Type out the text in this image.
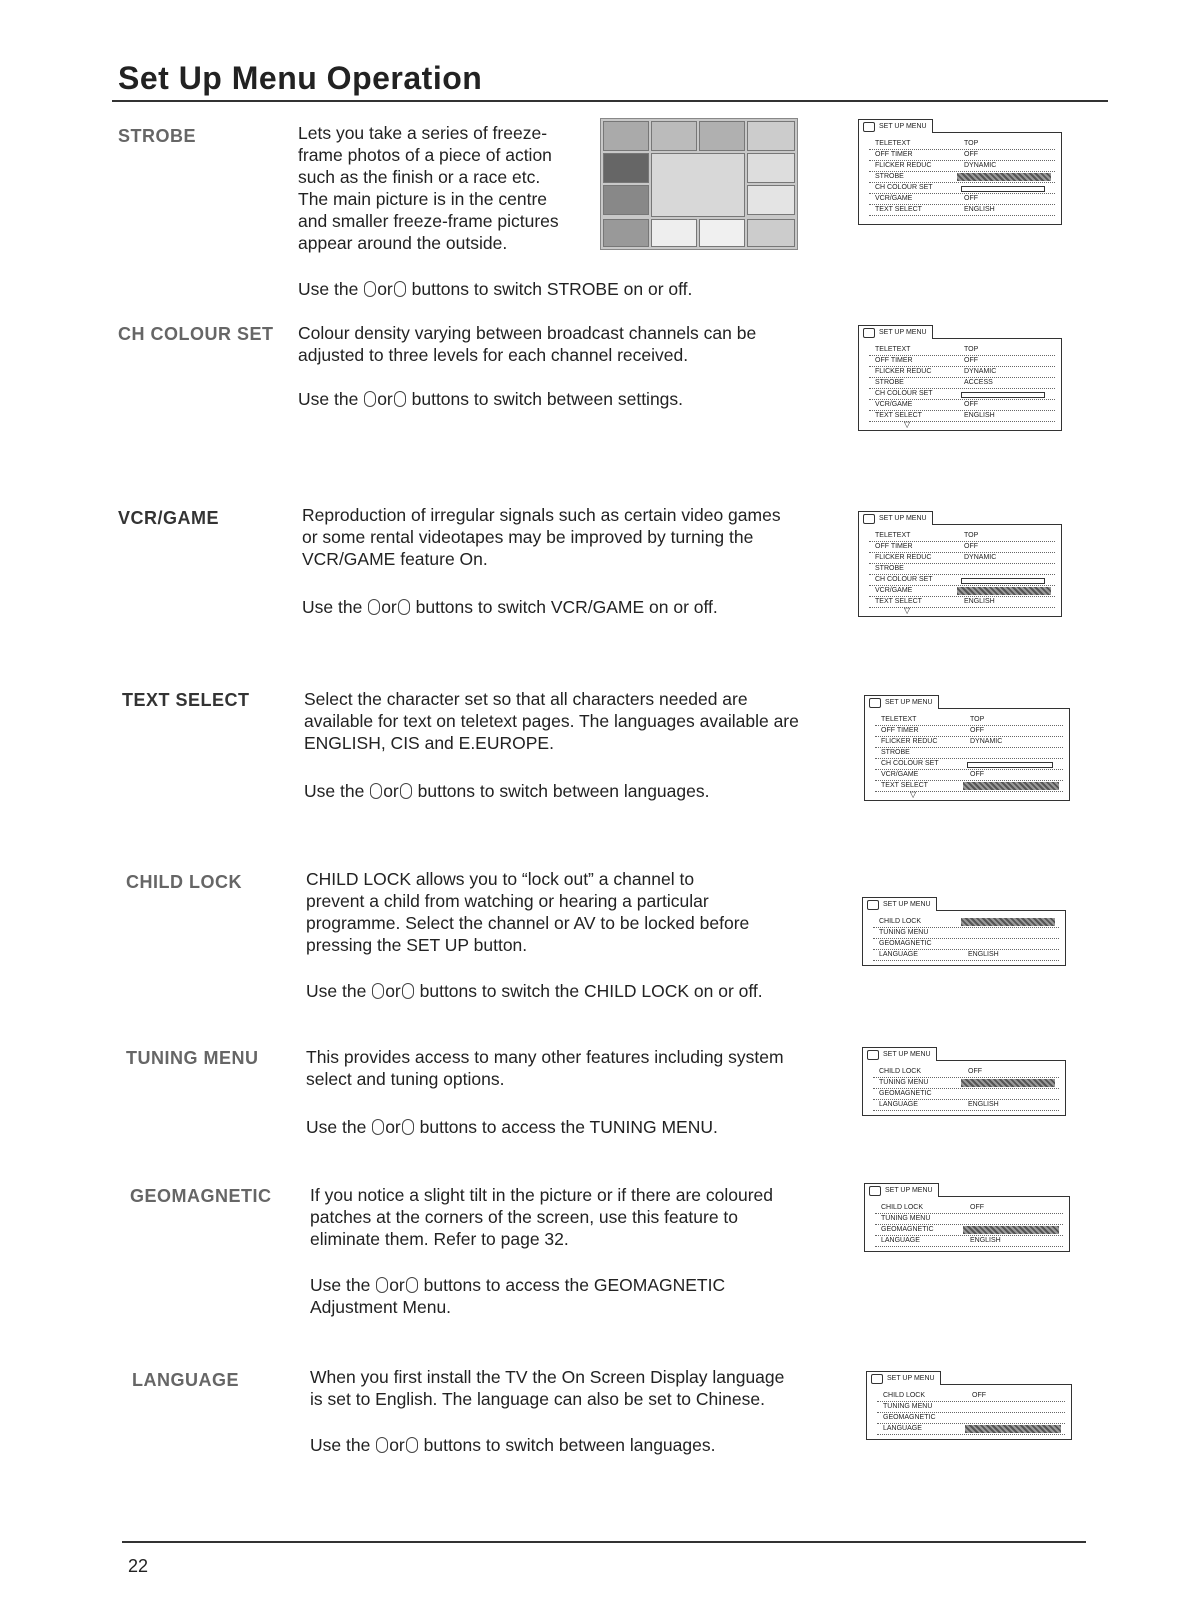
Set Up Menu Operation
STROBE	Lets you take a series of freeze-

frame photos of a piece of action

such as the finish or a race etc.

The main picture is in the centre

and smaller freeze-frame pictures

appear around the outside.

Use the or buttons to switch STROBE on or off.
SET UP MENU
TELETEXT	TOP
OFF TIMER	OFF
FLICKER REDUC	DYNAMIC
STROBE
CH COLOUR SET
VCR/GAME	OFF
TEXT SELECT	ENGLISH
CH COLOUR SET Colour density varying between broadcast channels can be

adjusted to three levels for each channel received.

Use the or buttons to switch between settings.
SET UP MENU
TELETEXT	TOP
OFF TIMER	OFF
FLICKER REDUC	DYNAMIC
STROBE	ACCESS
CH COLOUR SET
VCR/GAME	OFF
TEXT SELECT	ENGLISH
▽
VCR/GAME	Reproduction of irregular signals such as certain video games

or some rental videotapes may be improved by turning the

VCR/GAME feature On.

Use the or buttons to switch VCR/GAME on or off.
SET UP MENU
TELETEXT	TOP
OFF TIMER	OFF
FLICKER REDUC	DYNAMIC
STROBE
CH COLOUR SET
VCR/GAME
TEXT SELECT	ENGLISH
▽
TEXT SELECT	Select the character set so that all characters needed are

available for text on teletext pages. The languages available are

ENGLISH, CIS and E.EUROPE.

Use the or buttons to switch between languages.
SET UP MENU
TELETEXT	TOP
OFF TIMER	OFF
FLICKER REDUC	DYNAMIC
STROBE
CH COLOUR SET
VCR/GAME	OFF
TEXT SELECT
▽
CHILD LOCK	CHILD LOCK allows you to “lock out” a channel to

prevent a child from watching or hearing a particular

programme. Select the channel or AV to be locked before

pressing the SET UP button.

Use the or buttons to switch the CHILD LOCK on or off.
SET UP MENU
CHILD LOCK
TUNING MENU
GEOMAGNETIC
LANGUAGE	ENGLISH
TUNING MENU	This provides access to many other features including system

select and tuning options.

Use the or buttons to access the TUNING MENU.
SET UP MENU
CHILD LOCK	OFF
TUNING MENU
GEOMAGNETIC
LANGUAGE	ENGLISH
GEOMAGNETIC If you notice a slight tilt in the picture or if there are coloured

patches at the corners of the screen, use this feature to

eliminate them. Refer to page 32.

Use the or buttons to access the GEOMAGNETIC

Adjustment Menu.

SET UP MENU
CHILD LOCK	OFF
TUNING MENU
GEOMAGNETIC
LANGUAGE	ENGLISH
LANGUAGE	When you first install the TV the On Screen Display language

is set to English. The language can also be set to Chinese.

Use the or buttons to switch between languages.
SET UP MENU
CHILD LOCK	OFF
TUNING MENU
GEOMAGNETIC
LANGUAGE
22
